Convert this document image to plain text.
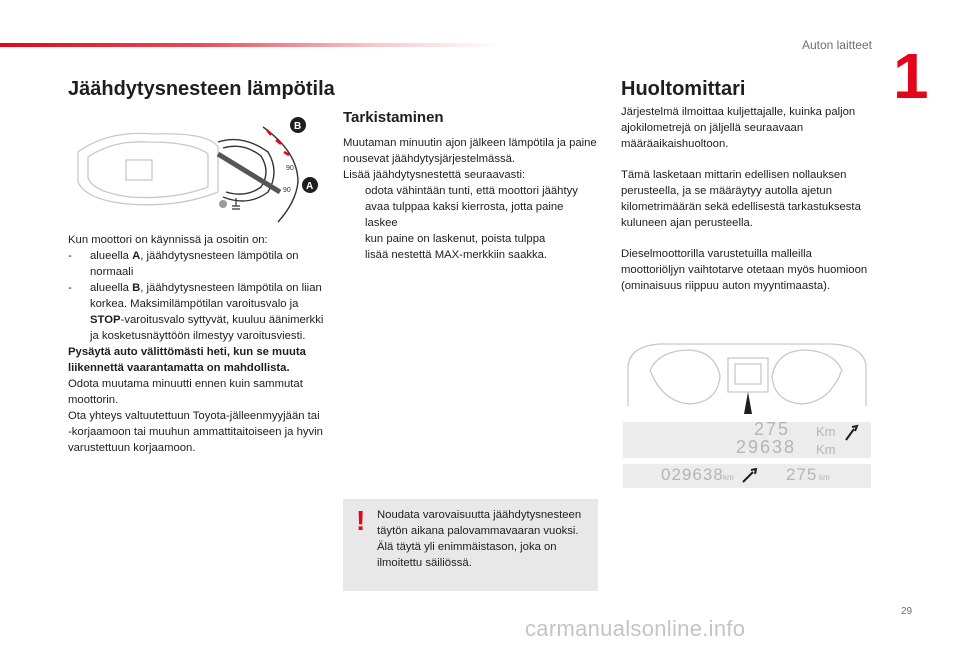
Auton laitteet 1
Jäähdytysnesteen lämpötila
90
90
B
A

Kun moottori on käynnissä ja osoitin on:

- alueella A, jäähdytysnesteen lämpötila on normaali
- alueella B, jäähdytysnesteen lämpötila on liian korkea. Maksimilämpötilan varoitusvalo ja STOP-varoitusvalo syttyvät, kuuluu äänimerkki ja kosketusnäyttöön ilmestyy varoitusviesti.

Pysäytä auto välittömästi heti, kun se muuta liikennettä vaarantamatta on mahdollista.

Odota muutama minuutti ennen kuin sammutat moottorin.

Ota yhteys valtuutettuun Toyota-jälleenmyyjään tai -korjaamoon tai muuhun ammattitaitoiseen ja hyvin varustettuun korjaamoon.

Tarkistaminen

Muutaman minuutin ajon jälkeen lämpötila ja paine nousevat jäähdytysjärjestelmässä.

Lisää jäähdytysnestettä seuraavasti:

odota vähintään tunti, että moottori jäähtyy
avaa tulppaa kaksi kierrosta, jotta paine laskee
kun paine on laskenut, poista tulppa
lisää nestettä MAX-merkkiin saakka.
! Noudata varovaisuutta jäähdytysnesteen täytön aikana palovammavaaran vuoksi. Älä täytä yli enimmäistason, joka on ilmoitettu säiliössä.
Huoltomittari

Järjestelmä ilmoittaa kuljettajalle, kuinka paljon ajokilometrejä on jäljellä seuraavaan määräaikaishuoltoon.

Tämä lasketaan mittarin edellisen nollauksen perusteella, ja se määräytyy autolla ajetun kilometrimäärän sekä edellisestä tarkastuksesta kuluneen ajan perusteella.

Dieselmoottorilla varustetuilla malleilla moottoriöljyn vaihtotarve otetaan myös huomioon (ominaisuus riippuu auton myyntimaasta).

275
29638
Km
Km
029638 km	275 km
29
carmanualsonline.info
